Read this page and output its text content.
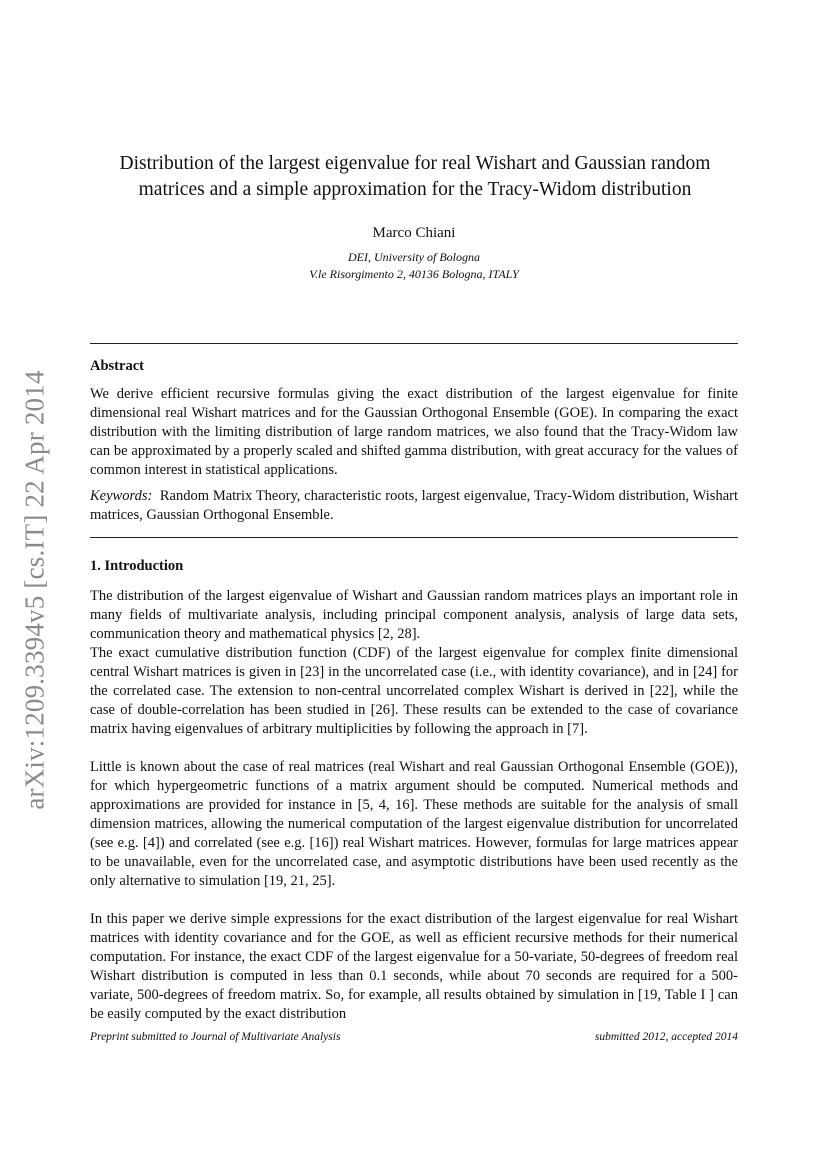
arXiv:1209.3394v5 [cs.IT] 22 Apr 2014
Distribution of the largest eigenvalue for real Wishart and Gaussian random
matrices and a simple approximation for the Tracy-Widom distribution
Marco Chiani
DEI, University of Bologna
V.le Risorgimento 2, 40136 Bologna, ITALY
Abstract

We derive efficient recursive formulas giving the exact distribution of the largest eigenvalue for finite dimensional real Wishart matrices and for the Gaussian Orthogonal Ensemble (GOE). In comparing the exact distribution with the limiting distribution of large random matrices, we also found that the Tracy-Widom law can be approximated by a properly scaled and shifted gamma distribution, with great accuracy for the values of common interest in statistical applications.

Keywords: Random Matrix Theory, characteristic roots, largest eigenvalue, Tracy-Widom distribution, Wishart matrices, Gaussian Orthogonal Ensemble.

1. Introduction

The distribution of the largest eigenvalue of Wishart and Gaussian random matrices plays an important role in many fields of multivariate analysis, including principal component analysis, analysis of large data sets, communication theory and mathematical physics [2, 28].

The exact cumulative distribution function (CDF) of the largest eigenvalue for complex finite dimensional central Wishart matrices is given in [23] in the uncorrelated case (i.e., with identity covariance), and in [24] for the correlated case. The extension to non-central uncorrelated complex Wishart is derived in [22], while the case of double-correlation has been studied in [26]. These results can be extended to the case of covariance matrix having eigenvalues of arbitrary multiplicities by following the approach in [7].

Little is known about the case of real matrices (real Wishart and real Gaussian Orthogonal Ensemble (GOE)), for which hypergeometric functions of a matrix argument should be computed. Numerical methods and approximations are provided for instance in [5, 4, 16]. These methods are suitable for the analysis of small dimension matrices, allowing the numerical computation of the largest eigenvalue distribution for uncorrelated (see e.g. [4]) and correlated (see e.g. [16]) real Wishart matrices. However, formulas for large matrices appear to be unavailable, even for the uncorrelated case, and asymptotic distributions have been used recently as the only alternative to simulation [19, 21, 25].

In this paper we derive simple expressions for the exact distribution of the largest eigenvalue for real Wishart matrices with identity covariance and for the GOE, as well as efficient recursive methods for their numerical computation. For instance, the exact CDF of the largest eigenvalue for a 50-variate, 50-degrees of freedom real Wishart distribution is computed in less than 0.1 seconds, while about 70 seconds are required for a 500-variate, 500-degrees of freedom matrix. So, for example, all results obtained by simulation in [19, Table I ] can be easily computed by the exact distribution

Preprint submitted to Journal of Multivariate Analysis	submitted 2012, accepted 2014
